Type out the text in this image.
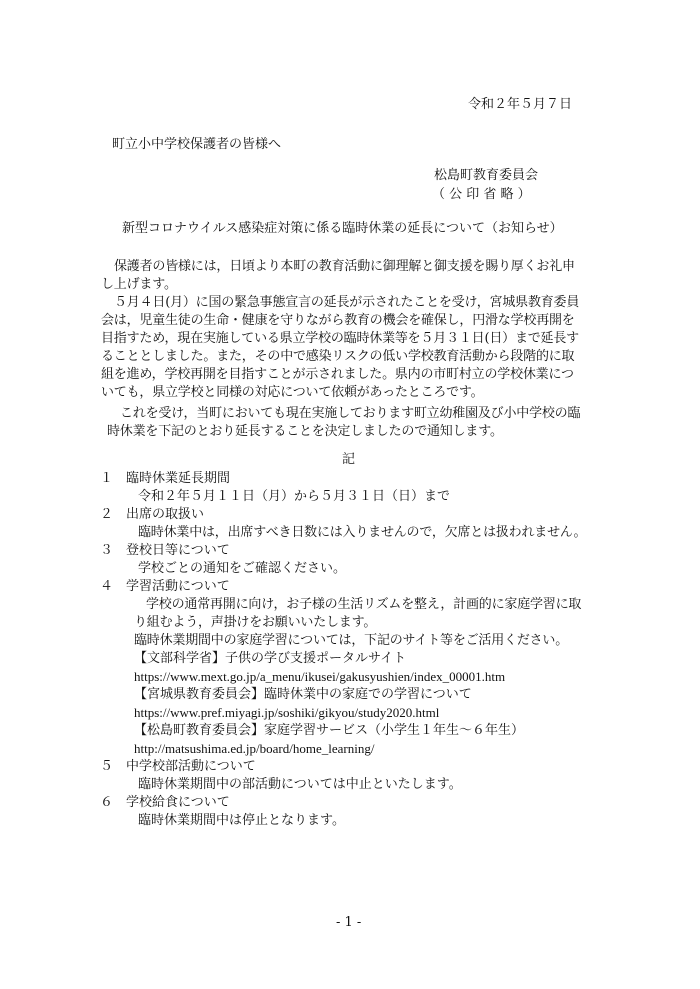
令和２年５月７日
町立小中学校保護者の皆様へ
松島町教育委員会
（ 公 印 省 略 ）
新型コロナウイルス感染症対策に係る臨時休業の延長について（お知らせ）
保護者の皆様には，日頃より本町の教育活動に御理解と御支援を賜り厚くお礼申
し上げます。
５月４日(月）に国の緊急事態宣言の延長が示されたことを受け，宮城県教育委員
会は，児童生徒の生命・健康を守りながら教育の機会を確保し，円滑な学校再開を
目指すため，現在実施している県立学校の臨時休業等を５月３１日(日）まで延長す
ることとしました。また，その中で感染リスクの低い学校教育活動から段階的に取
組を進め，学校再開を目指すことが示されました。県内の市町村立の学校休業につ
いても，県立学校と同様の対応について依頼があったところです。
これを受け，当町においても現在実施しております町立幼稚園及び小中学校の臨
時休業を下記のとおり延長することを決定しましたので通知します。
記
１ 臨時休業延長期間
令和２年５月１１日（月）から５月３１日（日）まで
２ 出席の取扱い
臨時休業中は，出席すべき日数には入りませんので，欠席とは扱われません。
３ 登校日等について
学校ごとの通知をご確認ください。
４ 学習活動について
学校の通常再開に向け，お子様の生活リズムを整え，計画的に家庭学習に取
り組むよう，声掛けをお願いいたします。
臨時休業期間中の家庭学習については，下記のサイト等をご活用ください。
【文部科学省】子供の学び支援ポータルサイト
https://www.mext.go.jp/a_menu/ikusei/gakusyushien/index_00001.htm
【宮城県教育委員会】臨時休業中の家庭での学習について
https://www.pref.miyagi.jp/soshiki/gikyou/study2020.html
【松島町教育委員会】家庭学習サービス（小学生１年生～６年生）
http://matsushima.ed.jp/board/home_learning/
５ 中学校部活動について
臨時休業期間中の部活動については中止といたします。
６ 学校給食について
臨時休業期間中は停止となります。
- 1 -
